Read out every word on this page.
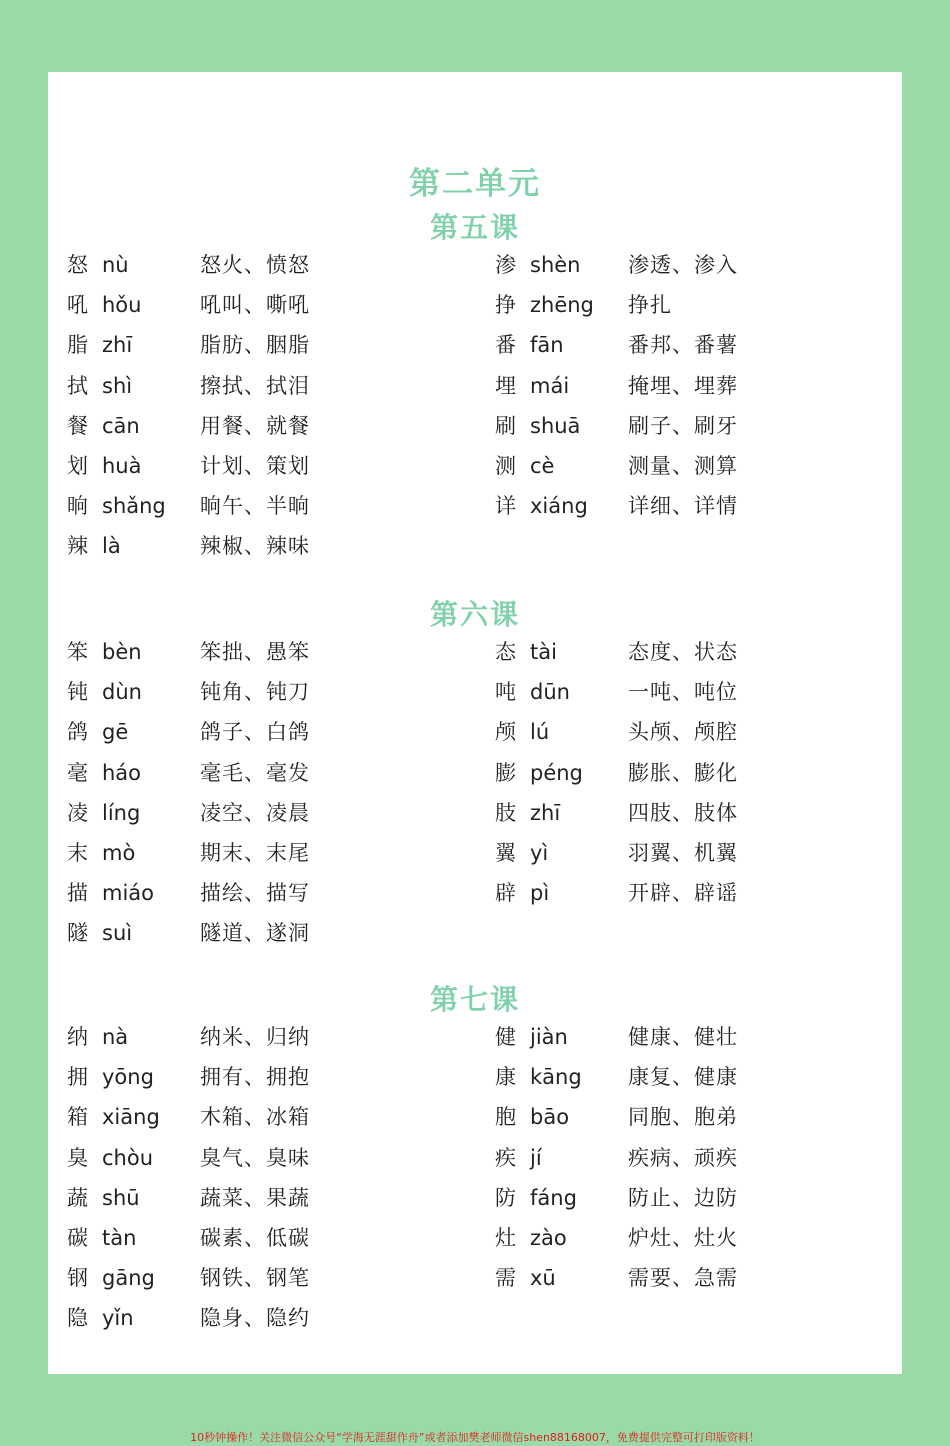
第二单元
第五课
怒 nù	怒火、愤怒
吼 hǒu	吼叫、嘶吼
脂 zhī	脂肪、胭脂
拭 shì	擦拭、拭泪
餐 cān	用餐、就餐
划 huà	计划、策划
晌 shǎng 晌午、半晌
辣 là	辣椒、辣味
渗 shèn 渗透、渗入
挣 zhēng 挣扎
番 fān	番邦、番薯
埋 mái	掩埋、埋葬
刷 shuā 刷子、刷牙
测 cè	测量、测算
详 xiáng 详细、详情
第六课
笨 bèn	笨拙、愚笨
钝 dùn	钝角、钝刀
鸽 gē	鸽子、白鸽
毫 háo	毫毛、毫发
凌 líng	凌空、凌晨
末 mò	期末、末尾
描 miáo 描绘、描写
隧 suì	隧道、遂洞
态 tài	态度、状态
吨 dūn	一吨、吨位
颅 lú	头颅、颅腔
膨 péng 膨胀、膨化
肢 zhī	四肢、肢体
翼 yì	羽翼、机翼
辟 pì	开辟、辟谣
第七课
纳 nà	纳米、归纳
拥 yōng 拥有、拥抱
箱 xiāng 木箱、冰箱
臭 chòu 臭气、臭味
蔬 shū	蔬菜、果蔬
碳 tàn	碳素、低碳
钢 gāng 钢铁、钢笔
隐 yǐn	隐身、隐约
健 jiàn	健康、健壮
康 kāng 康复、健康
胞 bāo	同胞、胞弟
疾 jí	疾病、顽疾
防 fáng 防止、边防
灶 zào	炉灶、灶火
需 xū	需要、急需
10秒钟操作！关注微信公众号“学海无涯甜作舟”或者添加樊老师微信shen88168007，免费提供完整可打印版资料！
